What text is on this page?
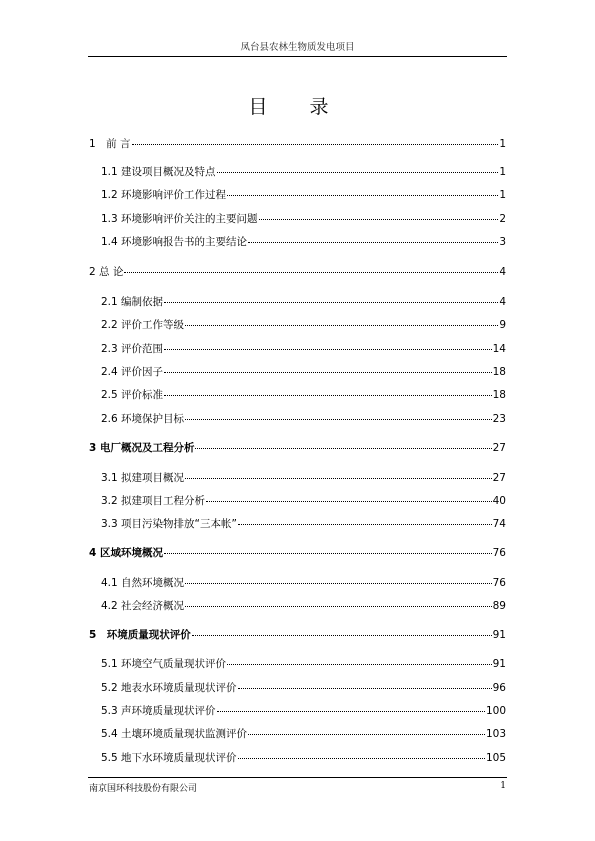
凤台县农林生物质发电项目
目 录
1　前 言	1
1.1 建设项目概况及特点	1
1.2 环境影响评价工作过程	1
1.3 环境影响评价关注的主要问题	2
1.4 环境影响报告书的主要结论	3
2 总 论	4
2.1 编制依据	4
2.2 评价工作等级	9
2.3 评价范围	14
2.4 评价因子	18
2.5 评价标准	18
2.6 环境保护目标	23
3 电厂概况及工程分析	27
3.1 拟建项目概况	27
3.2 拟建项目工程分析	40
3.3 项目污染物排放“三本帐”	74
4 区域环境概况	76
4.1 自然环境概况	76
4.2 社会经济概况	89
5　环境质量现状评价	91
5.1 环境空气质量现状评价	91
5.2 地表水环境质量现状评价	96
5.3 声环境质量现状评价	100
5.4 土壤环境质量现状监测评价	103
5.5 地下水环境质量现状评价	105
南京国环科技股份有限公司	1
